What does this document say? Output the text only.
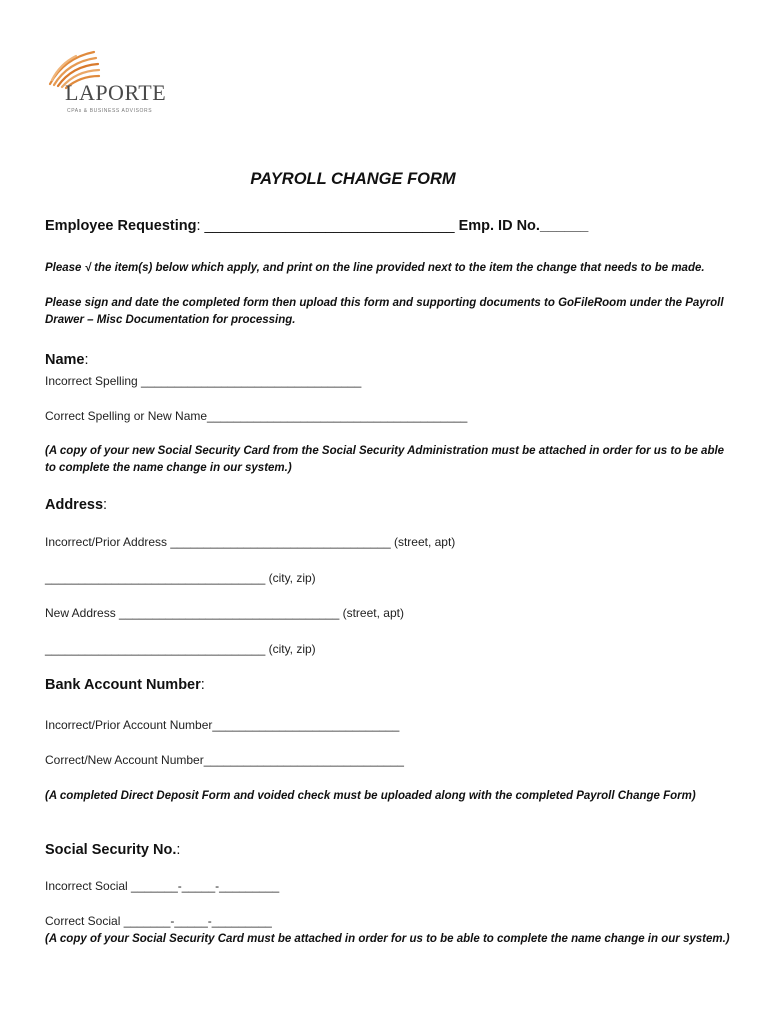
LAPORTE
CPAs & BUSINESS ADVISORS
PAYROLL CHANGE FORM
Employee Requesting: _______________________________ Emp. ID No.______
Please √ the item(s) below which apply, and print on the line provided next to the item the change that needs to be made.
Please sign and date the completed form then upload this form and supporting documents to GoFileRoom under the Payroll Drawer – Misc Documentation for processing.
Name:
Incorrect Spelling _________________________________
Correct Spelling or New Name_______________________________________
(A copy of your new Social Security Card from the Social Security Administration must be attached in order for us to be able to complete the name change in our system.)
Address:
Incorrect/Prior Address _________________________________ (street, apt)
_________________________________ (city, zip)
New Address _________________________________ (street, apt)
_________________________________ (city, zip)
Bank Account Number:
Incorrect/Prior Account Number____________________________
Correct/New Account Number______________________________
(A completed Direct Deposit Form and voided check must be uploaded along with the completed Payroll Change Form)
Social Security No.:
Incorrect Social _______-_____-_________
Correct Social _______-_____-_________
(A copy of your Social Security Card must be attached in order for us to be able to complete the name change in our system.)
